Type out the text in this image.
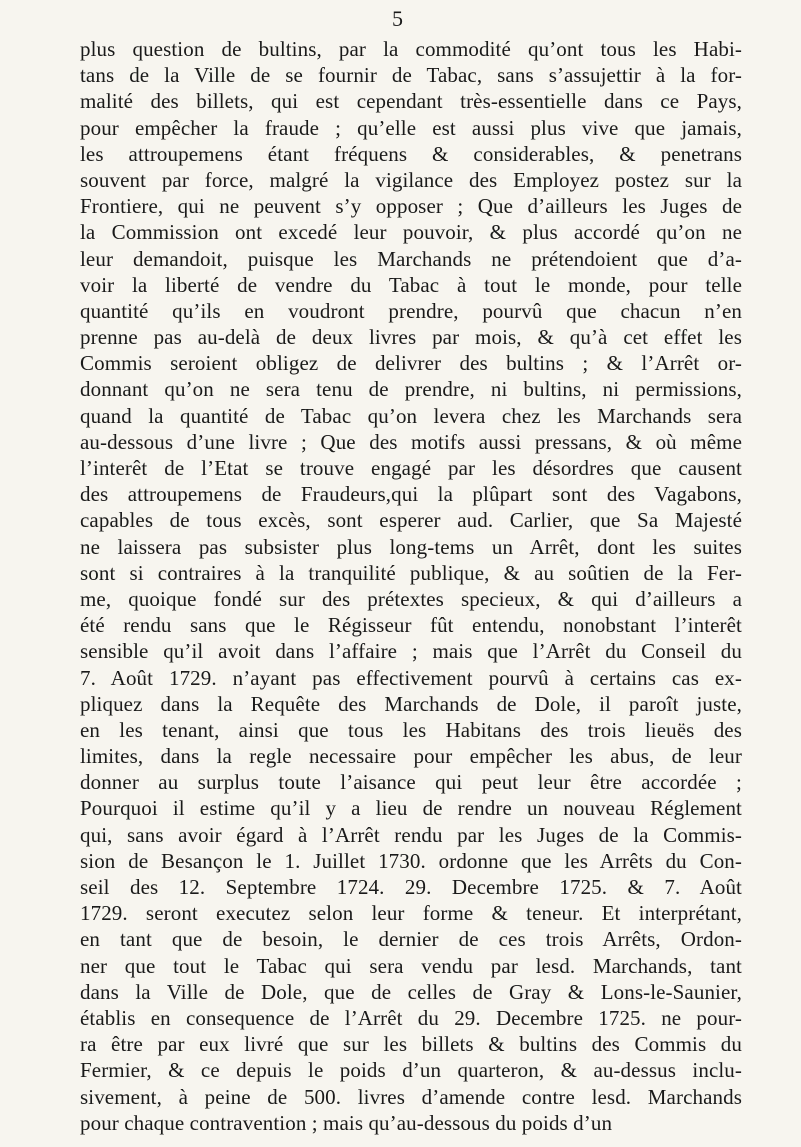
5
plus question de bultins, par la commodité qu’ont tous les Habi-
tans de la Ville de se fournir de Tabac, sans s’assujettir à la for-
malité des billets, qui est cependant très-essentielle dans ce Pays,
pour empêcher la fraude ; qu’elle est aussi plus vive que jamais,
les attroupemens étant fréquens & considerables, & penetrans
souvent par force, malgré la vigilance des Employez postez sur la
Frontiere, qui ne peuvent s’y opposer ; Que d’ailleurs les Juges de
la Commission ont excedé leur pouvoir, & plus accordé qu’on ne
leur demandoit, puisque les Marchands ne prétendoient que d’a-
voir la liberté de vendre du Tabac à tout le monde, pour telle
quantité qu’ils en voudront prendre, pourvû que chacun n’en
prenne pas au-delà de deux livres par mois, & qu’à cet effet les
Commis seroient obligez de delivrer des bultins ; & l’Arrêt or-
donnant qu’on ne sera tenu de prendre, ni bultins, ni permissions,
quand la quantité de Tabac qu’on levera chez les Marchands sera
au-dessous d’une livre ; Que des motifs aussi pressans, & où même
l’interêt de l’Etat se trouve engagé par les désordres que causent
des attroupemens de Fraudeurs,qui la plûpart sont des Vagabons,
capables de tous excès, sont esperer aud. Carlier, que Sa Majesté
ne laissera pas subsister plus long-tems un Arrêt, dont les suites
sont si contraires à la tranquilité publique, & au soûtien de la Fer-
me, quoique fondé sur des prétextes specieux, & qui d’ailleurs a
été rendu sans que le Régisseur fût entendu, nonobstant l’interêt
sensible qu’il avoit dans l’affaire ; mais que l’Arrêt du Conseil du
7. Août 1729. n’ayant pas effectivement pourvû à certains cas ex-
pliquez dans la Requête des Marchands de Dole, il paroît juste,
en les tenant, ainsi que tous les Habitans des trois lieuës des
limites, dans la regle necessaire pour empêcher les abus, de leur
donner au surplus toute l’aisance qui peut leur être accordée ;
Pourquoi il estime qu’il y a lieu de rendre un nouveau Réglement
qui, sans avoir égard à l’Arrêt rendu par les Juges de la Commis-
sion de Besançon le 1. Juillet 1730. ordonne que les Arrêts du Con-
seil des 12. Septembre 1724. 29. Decembre 1725. & 7. Août
1729. seront executez selon leur forme & teneur. Et interprétant,
en tant que de besoin, le dernier de ces trois Arrêts, Ordon-
ner que tout le Tabac qui sera vendu par lesd. Marchands, tant
dans la Ville de Dole, que de celles de Gray & Lons-le-Saunier,
établis en consequence de l’Arrêt du 29. Decembre 1725. ne pour-
ra être par eux livré que sur les billets & bultins des Commis du
Fermier, & ce depuis le poids d’un quarteron, & au-dessus inclu-
sivement, à peine de 500. livres d’amende contre lesd. Marchands
pour chaque contravention ; mais qu’au-dessous du poids d’un
